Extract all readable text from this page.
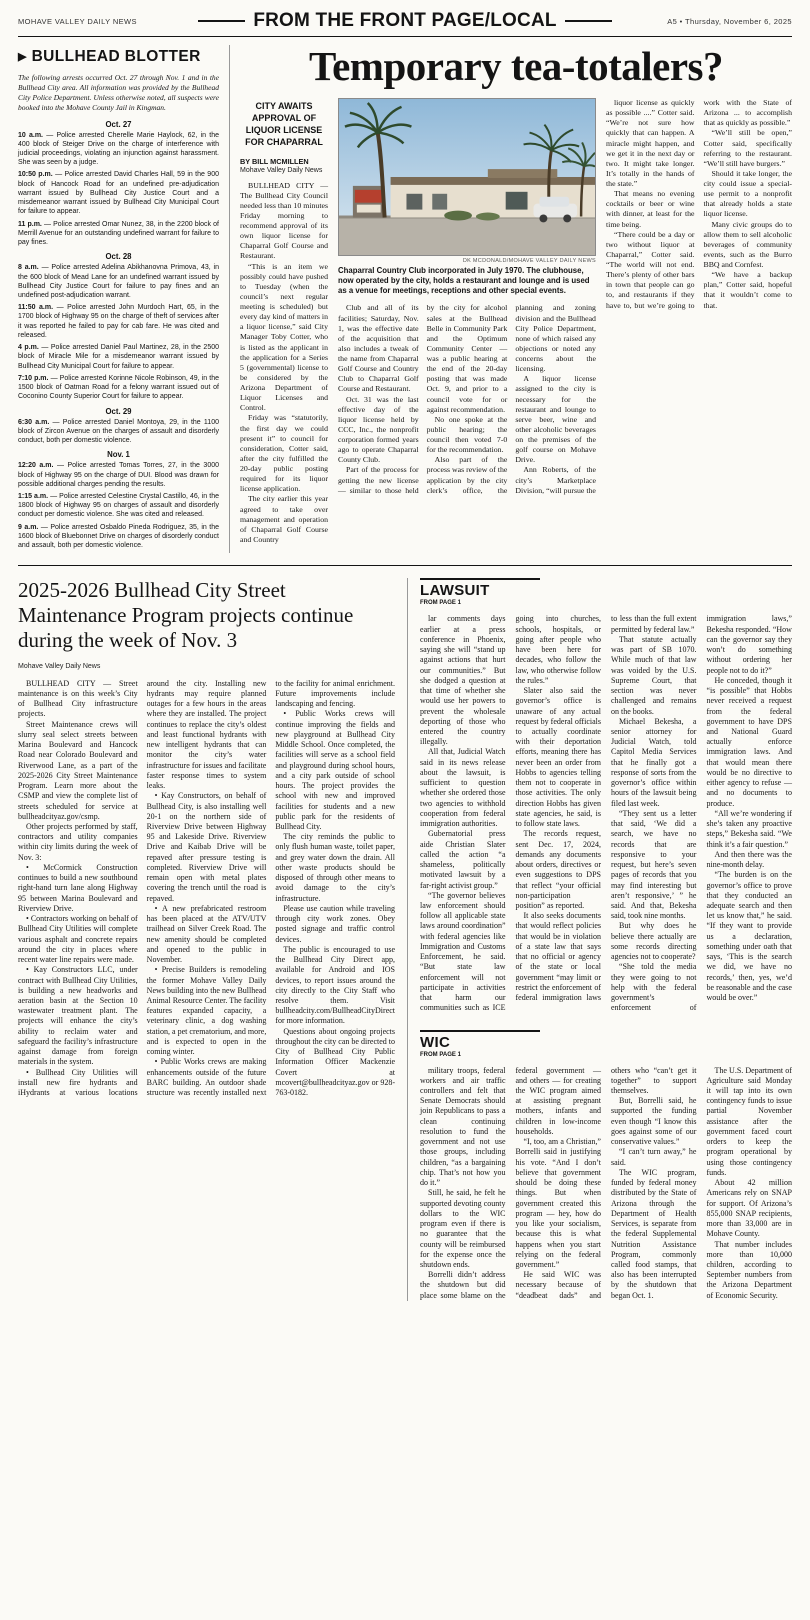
MOHAVE VALLEY DAILY NEWS	FROM THE FRONT PAGE/LOCAL	A5 • Thursday, November 6, 2025
▶ BULLHEAD BLOTTER

The following arrests occurred Oct. 27 through Nov. 1 and in the Bullhead City area. All information was provided by the Bullhead City Police Department. Unless otherwise noted, all suspects were booked into the Mohave County Jail in Kingman.

Oct. 27

10 a.m. — Police arrested Cherelle Marie Haylock, 62, in the 400 block of Steiger Drive on the charge of interference with judicial proceedings, violating an injunction against harassment. She was seen by a judge.

10:50 p.m. — Police arrested David Charles Hall, 59 in the 900 block of Hancock Road for an undefined pre-adjudication warrant issued by Bullhead City Justice Court and a misdemeanor warrant issued by Bullhead City Municipal Court for failure to appear.

11 p.m. — Police arrested Omar Nunez, 38, in the 2200 block of Merrill Avenue for an outstanding undefined warrant for failure to pay fines.

Oct. 28

8 a.m. — Police arrested Adelina Abikhanovna Primova, 43, in the 600 block of Mead Lane for an undefined warrant issued by Bullhead City Justice Court for failure to pay fines and an undefined post-adjudication warrant.

11:50 a.m. — Police arrested John Murdoch Hart, 65, in the 1700 block of Highway 95 on the charge of theft of services after it was reported he failed to pay for cab fare. He was cited and released.

4 p.m. — Police arrested Daniel Paul Martinez, 28, in the 2500 block of Miracle Mile for a misdemeanor warrant issued by Bullhead City Municipal Court for failure to appear.

7:10 p.m. — Police arrested Korinne Nicole Robinson, 49, in the 1500 block of Oatman Road for a felony warrant issued out of Coconino County Superior Court for failure to appear.

Oct. 29

6:30 a.m. — Police arrested Daniel Montoya, 29, in the 1100 block of Zircon Avenue on the charges of assault and disorderly conduct, both per domestic violence.

Nov. 1

12:20 a.m. — Police arrested Tomas Torres, 27, in the 3000 block of Highway 95 on the charge of DUI. Blood was drawn for possible additional charges pending the results.

1:15 a.m. — Police arrested Celestine Crystal Castillo, 46, in the 1800 block of Highway 95 on charges of assault and disorderly conduct per domestic violence. She was cited and released.

9 a.m. — Police arrested Osbaldo Pineda Rodriguez, 35, in the 1600 block of Bluebonnet Drive on charges of disorderly conduct and assault, both per domestic violence.

Temporary tea-totalers?
CITY AWAITS APPROVAL OF LIQUOR LICENSE FOR CHAPARRAL

BY BILL MCMILLEN

Mohave Valley Daily News

BULLHEAD CITY — The Bullhead City Council needed less than 10 minutes Friday morning to recommend approval of its own liquor license for Chaparral Golf Course and Restaurant.

“This is an item we possibly could have pushed to Tuesday (when the council’s next regular meeting is scheduled) but every day kind of matters in a liquor license,” said City Manager Toby Cotter, who is listed as the applicant in the application for a Series 5 (governmental) license to be considered by the Arizona Department of Liquor Licenses and Control.

Friday was “statutorily, the first day we could present it” to council for consideration, Cotter said, after the city fulfilled the 20-day public posting required for its liquor license application.

The city earlier this year agreed to take over management and operation of Chaparral Golf Course and Country

DK MCDONALD/MOHAVE VALLEY DAILY NEWS
Chaparral Country Club incorporated in July 1970. The clubhouse, now operated by the city, holds a restaurant and lounge and is used as a venue for meetings, receptions and other special events.

Club and all of its facilities; Saturday, Nov. 1, was the effective date of the acquisition that also includes a tweak of the name from Chaparral Golf Course and Country Club to Chaparral Golf Course and Restaurant.

Oct. 31 was the last effective day of the liquor license held by CCC, Inc., the nonprofit corporation formed years ago to operate Chaparral County Club.

Part of the process for getting the new license — similar to those held by the city for alcohol sales at the Bullhead Belle in Community Park and the Optimum Community Center — was a public hearing at the end of the 20-day posting that was made Oct. 9, and prior to a council vote for or against recommendation.

No one spoke at the public hearing; the council then voted 7-0 for the recommendation.

Also part of the process was review of the application by the city clerk’s office, the planning and zoning division and the Bullhead City Police Department, none of which raised any objections or noted any concerns about the licensing.

A liquor license assigned to the city is necessary for the restaurant and lounge to serve beer, wine and other alcoholic beverages on the premises of the golf course on Mohave Drive.

Ann Roberts, of the city’s Marketplace Division, “will pursue the

liquor license as quickly as possible ....” Cotter said. “We’re not sure how quickly that can happen. A miracle might happen, and we get it in the next day or two. It might take longer. It’s totally in the hands of the state.”

That means no evening cocktails or beer or wine with dinner, at least for the time being.

“There could be a day or two without liquor at Chaparral,” Cotter said. “The world will not end. There’s plenty of other bars in town that people can go to, and restaurants if they have to, but we’re going to work with the State of Arizona ... to accomplish that as quickly as possible.”

“We’ll still be open,” Cotter said, specifically referring to the restaurant. “We’ll still have burgers.”

Should it take longer, the city could issue a special-use permit to a nonprofit that already holds a state liquor license.

Many civic groups do to allow them to sell alcoholic beverages of community events, such as the Burro BBQ and Cornfest.

“We have a backup plan,” Cotter said, hopeful that it wouldn’t come to that.

2025-2026 Bullhead City Street Maintenance Program projects continue during the week of Nov. 3

Mohave Valley Daily News

BULLHEAD CITY — Street maintenance is on this week’s City of Bullhead City infrastructure projects.

Street Maintenance crews will slurry seal select streets between Marina Boulevard and Hancock Road near Colorado Boulevard and Riverwood Lane, as a part of the 2025-2026 City Street Maintenance Program. Learn more about the CSMP and view the complete list of streets scheduled for service at bullheadcityaz.gov/csmp.

Other projects performed by staff, contractors and utility companies within city limits during the week of Nov. 3:

• McCormick Construction continues to build a new southbound right-hand turn lane along Highway 95 between Marina Boulevard and Riverview Drive.

• Contractors working on behalf of Bullhead City Utilities will complete various asphalt and concrete repairs around the city in places where recent water line repairs were made.

• Kay Constructors LLC, under contract with Bullhead City Utilities, is building a new headworks and aeration basin at the Section 10 wastewater treatment plant. The projects will enhance the city’s ability to reclaim water and safeguard the facility’s infrastructure against damage from foreign materials in the system.

• Bullhead City Utilities will install new fire hydrants and iHydrants at various locations around the city. Installing new hydrants may require planned outages for a few hours in the areas where they are installed. The project continues to replace the city’s oldest and least functional hydrants with new intelligent hydrants that can monitor the city’s water infrastructure for issues and facilitate faster response times to system leaks.

• Kay Constructors, on behalf of Bullhead City, is also installing well 20-1 on the northern side of Riverview Drive between Highway 95 and Lakeside Drive. Riverview Drive and Kaibab Drive will be repaved after pressure testing is completed. Riverview Drive will remain open with metal plates covering the trench until the road is repaved.

• A new prefabricated restroom has been placed at the ATV/UTV trailhead on Silver Creek Road. The new amenity should be completed and opened to the public in November.

• Precise Builders is remodeling the former Mohave Valley Daily News building into the new Bullhead Animal Resource Center. The facility features expanded capacity, a veterinary clinic, a dog washing station, a pet crematorium, and more, and is expected to open in the coming winter.

• Public Works crews are making enhancements outside of the future BARC building. An outdoor shade structure was recently installed next to the facility for animal enrichment. Future improvements include landscaping and fencing.

• Public Works crews will continue improving the fields and new playground at Bullhead City Middle School. Once completed, the facilities will serve as a school field and playground during school hours, and a city park outside of school hours. The project provides the school with new and improved facilities for students and a new public park for the residents of Bullhead City.

The city reminds the public to only flush human waste, toilet paper, and grey water down the drain. All other waste products should be disposed of through other means to avoid damage to the city’s infrastructure.

Please use caution while traveling through city work zones. Obey posted signage and traffic control devices.

The public is encouraged to use the Bullhead City Direct app, available for Android and IOS devices, to report issues around the city directly to the City Staff who resolve them. Visit bullheadcity.com/BullheadCityDirect for more information.

Questions about ongoing projects throughout the city can be directed to City of Bullhead City Public Information Officer Mackenzie Covert at mcovert@bullheadcityaz.gov or 928-763-0182.

LAWSUIT
FROM PAGE 1

lar comments days earlier at a press conference in Phoenix, saying she will “stand up against actions that hurt our communities.” But she dodged a question at that time of whether she would use her powers to prevent the wholesale deporting of those who entered the country illegally.

All that, Judicial Watch said in its news release about the lawsuit, is sufficient to question whether she ordered those two agencies to withhold cooperation from federal immigration authorities.

Gubernatorial press aide Christian Slater called the action “a shameless, politically motivated lawsuit by a far-right activist group.”

“The governor believes law enforcement should follow all applicable state laws around coordination” with federal agencies like Immigration and Customs Enforcement, he said. “But state law enforcement will not participate in activities that harm our communities such as ICE going into churches, schools, hospitals, or going after people who have been here for decades, who follow the law, who otherwise follow the rules.”

Slater also said the governor’s office is unaware of any actual request by federal officials to actually coordinate with their deportation efforts, meaning there has never been an order from Hobbs to agencies telling them not to cooperate in those activities. The only direction Hobbs has given state agencies, he said, is to follow state laws.

The records request, sent Dec. 17, 2024, demands any documents about orders, directives or even suggestions to DPS that reflect “your official non-participation position” as reported.

It also seeks documents that would reflect policies that would be in violation of a state law that says that no official or agency of the state or local government “may limit or restrict the enforcement of federal immigration laws to less than the full extent permitted by federal law.”

That statute actually was part of SB 1070. While much of that law was voided by the U.S. Supreme Court, that section was never challenged and remains on the books.

Michael Bekesha, a senior attorney for Judicial Watch, told Capitol Media Services that he finally got a response of sorts from the governor’s office within hours of the lawsuit being filed last week.

“They sent us a letter that said, ‘We did a search, we have no records that are responsive to your request, but here’s seven pages of records that you may find interesting but aren’t responsive,’ ” he said. And that, Bekesha said, took nine months.

But why does he believe there actually are some records directing agencies not to cooperate?

“She told the media they were going to not help with the federal government’s enforcement of immigration laws,” Bekesha responded. “How can the governor say they won’t do something without ordering her people not to do it?”

He conceded, though it “is possible” that Hobbs never received a request from the federal government to have DPS and National Guard actually enforce immigration laws. And that would mean there would be no directive to either agency to refuse — and no documents to produce.

“All we’re wondering if she’s taken any proactive steps,” Bekesha said. “We think it’s a fair question.”

And then there was the nine-month delay.

“The burden is on the governor’s office to prove that they conducted an adequate search and then let us know that,” he said. “If they want to provide us a declaration, something under oath that says, ‘This is the search we did, we have no records,’ then, yes, we’d be reasonable and the case would be over.”

WIC
FROM PAGE 1

military troops, federal workers and air traffic controllers and felt that Senate Democrats should join Republicans to pass a clean continuing resolution to fund the government and not use those groups, including children, “as a bargaining chip. That’s not how you do it.”

Still, he said, he felt he supported devoting county dollars to the WIC program even if there is no guarantee that the county will be reimbursed for the expense once the shutdown ends.

Borrelli didn’t address the shutdown but did place some blame on the federal government — and others — for creating the WIC program aimed at assisting pregnant mothers, infants and children in low-income households.

“I, too, am a Christian,” Borrelli said in justifying his vote. “And I don’t believe that government should be doing these things. But when government created this program — hey, how do you like your socialism, because this is what happens when you start relying on the federal government.”

He said WIC was necessary because of “deadbeat dads” and others who “can’t get it together” to support themselves.

But, Borrelli said, he supported the funding even though “I know this goes against some of our conservative values.”

“I can’t turn away,” he said.

The WIC program, funded by federal money distributed by the State of Arizona through the Department of Health Services, is separate from the federal Supplemental Nutrition Assistance Program, commonly called food stamps, that also has been interrupted by the shutdown that began Oct. 1.

The U.S. Department of Agriculture said Monday it will tap into its own contingency funds to issue partial November assistance after the government faced court orders to keep the program operational by using those contingency funds.

About 42 million Americans rely on SNAP for support. Of Arizona’s 855,000 SNAP recipients, more than 33,000 are in Mohave County.

That number includes more than 10,000 children, according to September numbers from the Arizona Department of Economic Security.
